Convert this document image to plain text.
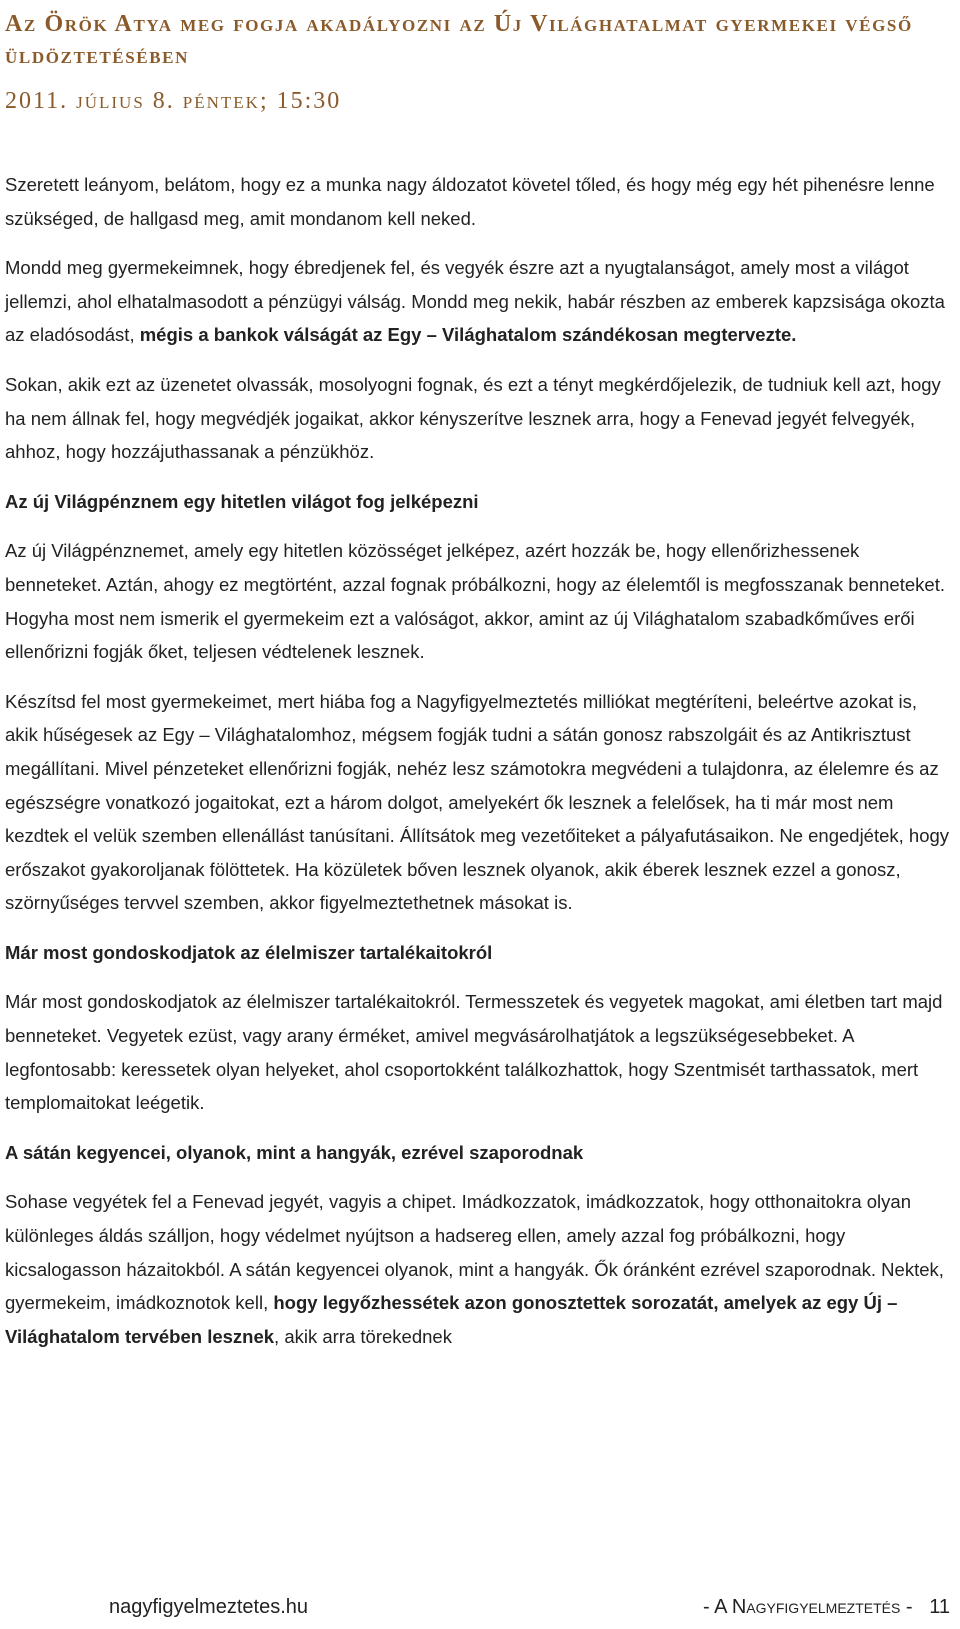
Az Örök Atya meg fogja akadályozni az Új Világhatalmat gyermekei végső üldöztetésében
2011. július 8. péntek; 15:30

Szeretett leányom, belátom, hogy ez a munka nagy áldozatot követel tőled, és hogy még egy hét pihenésre lenne szükséged, de hallgasd meg, amit mondanom kell neked.

Mondd meg gyermekeimnek, hogy ébredjenek fel, és vegyék észre azt a nyugtalanságot, amely most a világot jellemzi, ahol elhatalmasodott a pénzügyi válság. Mondd meg nekik, habár részben az emberek kapzsisága okozta az eladósodást, mégis a bankok válságát az Egy – Világhatalom szándékosan megtervezte.

Sokan, akik ezt az üzenetet olvassák, mosolyogni fognak, és ezt a tényt megkérdőjelezik, de tudniuk kell azt, hogy ha nem állnak fel, hogy megvédjék jogaikat, akkor kényszerítve lesznek arra, hogy a Fenevad jegyét felvegyék, ahhoz, hogy hozzájuthassanak a pénzükhöz.

Az új Világpénznem egy hitetlen világot fog jelképezni

Az új Világpénznemet, amely egy hitetlen közösséget jelképez, azért hozzák be, hogy ellenőrizhessenek benneteket. Aztán, ahogy ez megtörtént, azzal fognak próbálkozni, hogy az élelemtől is megfosszanak benneteket. Hogyha most nem ismerik el gyermekeim ezt a valóságot, akkor, amint az új Világhatalom szabadkőműves erői ellenőrizni fogják őket, teljesen védtelenek lesznek.

Készítsd fel most gyermekeimet, mert hiába fog a Nagyfigyelmeztetés milliókat megtéríteni, beleértve azokat is, akik hűségesek az Egy – Világhatalomhoz, mégsem fogják tudni a sátán gonosz rabszolgáit és az Antikrisztust megállítani. Mivel pénzeteket ellenőrizni fogják, nehéz lesz számotokra megvédeni a tulajdonra, az élelemre és az egészségre vonatkozó jogaitokat, ezt a három dolgot, amelyekért ők lesznek a felelősek, ha ti már most nem kezdtek el velük szemben ellenállást tanúsítani. Állítsátok meg vezetőiteket a pályafutásaikon. Ne engedjétek, hogy erőszakot gyakoroljanak fölöttetek. Ha közületek bőven lesznek olyanok, akik éberek lesznek ezzel a gonosz, szörnyűséges tervvel szemben, akkor figyelmeztethetnek másokat is.

Már most gondoskodjatok az élelmiszer tartalékaitokról

Már most gondoskodjatok az élelmiszer tartalékaitokról. Termesszetek és vegyetek magokat, ami életben tart majd benneteket. Vegyetek ezüst, vagy arany érméket, amivel megvásárolhatjátok a legszükségesebbeket. A legfontosabb: keressetek olyan helyeket, ahol csoportokként találkozhattok, hogy Szentmisét tarthassatok, mert templomaitokat leégetik.

A sátán kegyencei, olyanok, mint a hangyák, ezrével szaporodnak

Sohase vegyétek fel a Fenevad jegyét, vagyis a chipet. Imádkozzatok, imádkozzatok, hogy otthonaitokra olyan különleges áldás szálljon, hogy védelmet nyújtson a hadsereg ellen, amely azzal fog próbálkozni, hogy kicsalogasson házaitokból. A sátán kegyencei olyanok, mint a hangyák. Ők óránként ezrével szaporodnak. Nektek, gyermekeim, imádkoznotok kell, hogy legyőzhessétek azon gonosztettek sorozatát, amelyek az egy Új – Világhatalom tervében lesznek, akik arra törekednek

nagyfigyelmeztetes.hu	- A Nagyfigyelmeztetés - 11
